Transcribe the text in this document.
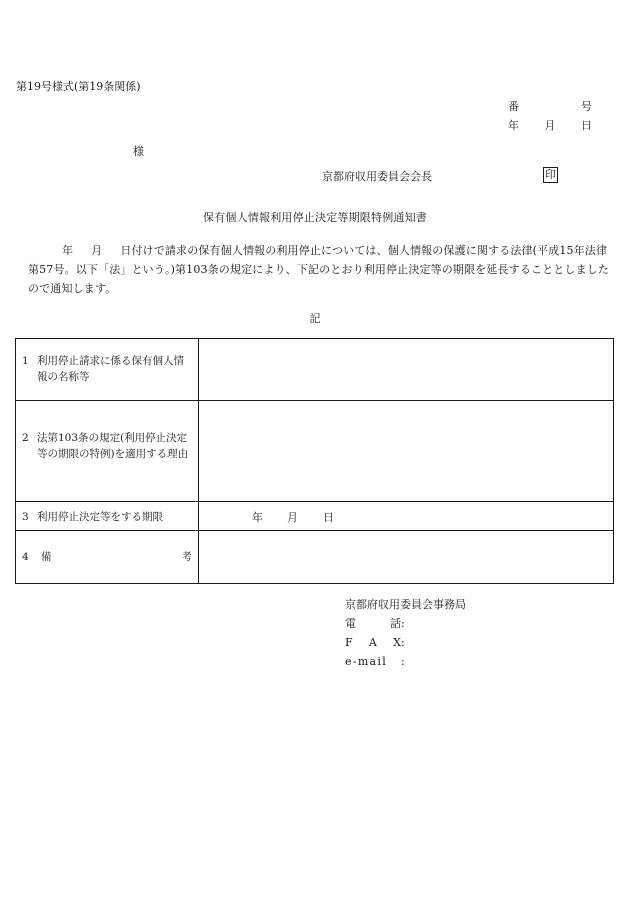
第19号様式(第19条関係)
番	号
年 月 日
様
京都府収用委員会会長	印
保有個人情報利用停止決定等期限特例通知書
年 月 日付けで請求の保有個人情報の利用停止については、個人情報の保護に関する法律(平成15年法律第57号。以下「法」という。)第103条の規定により、下記のとおり利用停止決定等の期限を延長することとしましたので通知します。
記
1 利用停止請求に係る保有個人情報の名称等	

2 法第103条の規定(利用停止決定等の期限の特例)を適用する理由	

3 利用停止決定等をする期限	年 月 日

4 備 考	

京都府収用委員会事務局
電	話 :
F A X :
e-mail	:
